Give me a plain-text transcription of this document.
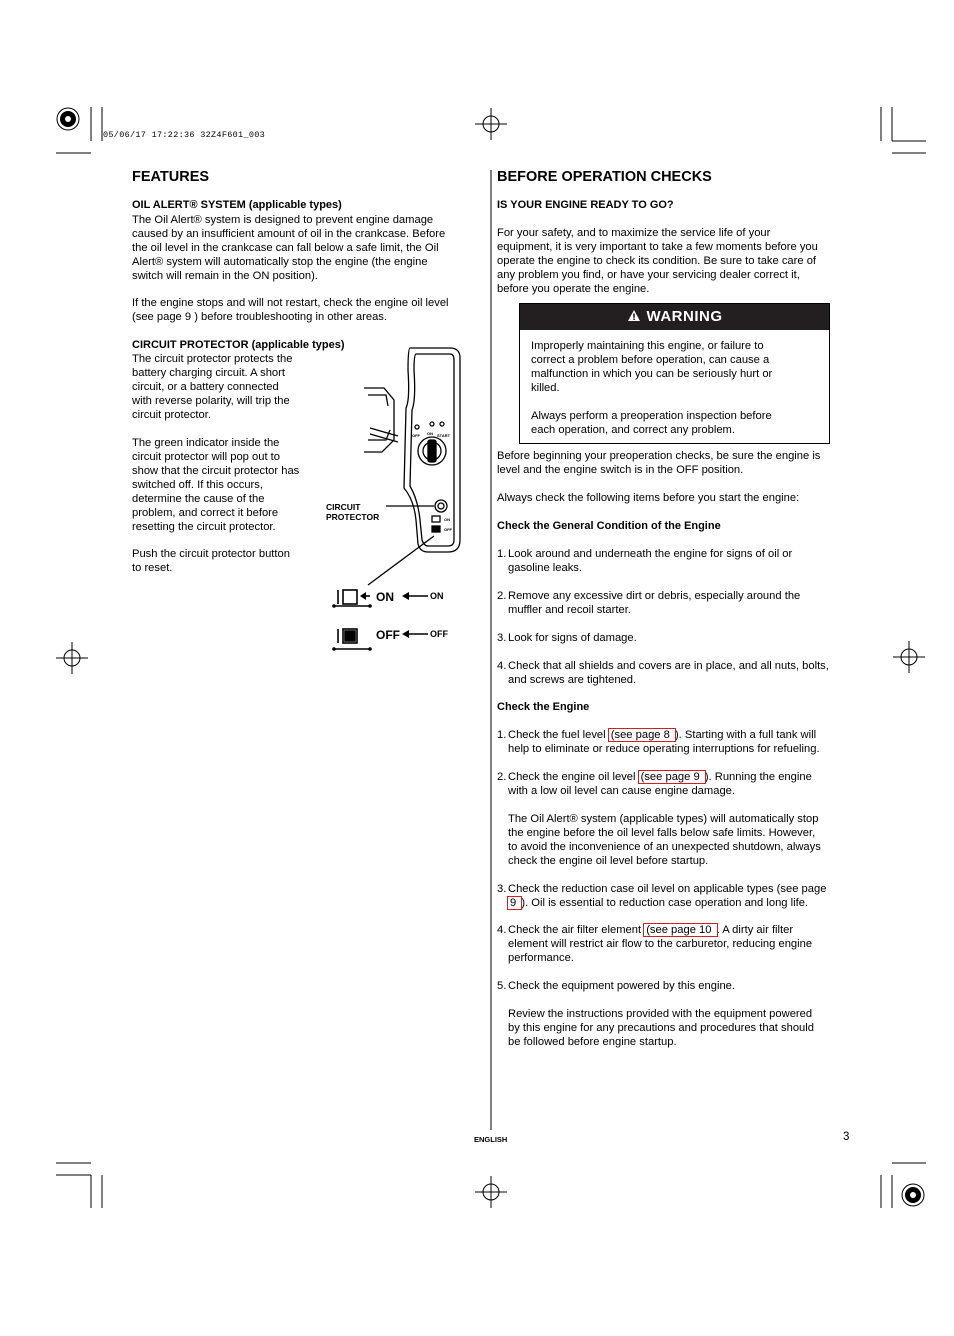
05/06/17 17:22:36 32Z4F601_003
FEATURES
OIL ALERT® SYSTEM (applicable types)
The Oil Alert® system is designed to prevent engine damage
caused by an insufficient amount of oil in the crankcase. Before
the oil level in the crankcase can fall below a safe limit, the Oil
Alert® system will automatically stop the engine (the engine
switch will remain in the ON position).
If the engine stops and will not restart, check the engine oil level
(see page 9 ) before troubleshooting in other areas.
CIRCUIT PROTECTOR (applicable types)
The circuit protector protects the
battery charging circuit. A short
circuit, or a battery connected
with reverse polarity, will trip the
circuit protector.
The green indicator inside the
circuit protector will pop out to
show that the circuit protector has
switched off. If this occurs,
determine the cause of the
problem, and correct it before
resetting the circuit protector.
Push the circuit protector button
to reset.
OFF ON START
ON
OFF
ON	ON
OFF	OFF
CIRCUIT
PROTECTOR
BEFORE OPERATION CHECKS
IS YOUR ENGINE READY TO GO?
For your safety, and to maximize the service life of your
equipment, it is very important to take a few moments before you
operate the engine to check its condition. Be sure to take care of
any problem you find, or have your servicing dealer correct it,
before you operate the engine.
WARNING
Improperly maintaining this engine, or failure to
correct a problem before operation, can cause a
malfunction in which you can be seriously hurt or
killed.
Always perform a preoperation inspection before
each operation, and correct any problem.
Before beginning your preoperation checks, be sure the engine is
level and the engine switch is in the OFF position.
Always check the following items before you start the engine:
Check the General Condition of the Engine
1. Look around and underneath the engine for signs of oil or
gasoline leaks.
2. Remove any excessive dirt or debris, especially around the
muffler and recoil starter.
3. Look for signs of damage.
4. Check that all shields and covers are in place, and all nuts, bolts,
and screws are tightened.
Check the Engine
1. Check the fuel level (see page 8 ). Starting with a full tank will
help to eliminate or reduce operating interruptions for refueling.
2. Check the engine oil level (see page 9 ). Running the engine
with a low oil level can cause engine damage.
The Oil Alert® system (applicable types) will automatically stop
the engine before the oil level falls below safe limits. However,
to avoid the inconvenience of an unexpected shutdown, always
check the engine oil level before startup.
3. Check the reduction case oil level on applicable types (see page
9 ). Oil is essential to reduction case operation and long life.
4. Check the air filter element (see page 10 . A dirty air filter
element will restrict air flow to the carburetor, reducing engine
performance.
5. Check the equipment powered by this engine.
Review the instructions provided with the equipment powered
by this engine for any precautions and procedures that should
be followed before engine startup.
ENGLISH	3
